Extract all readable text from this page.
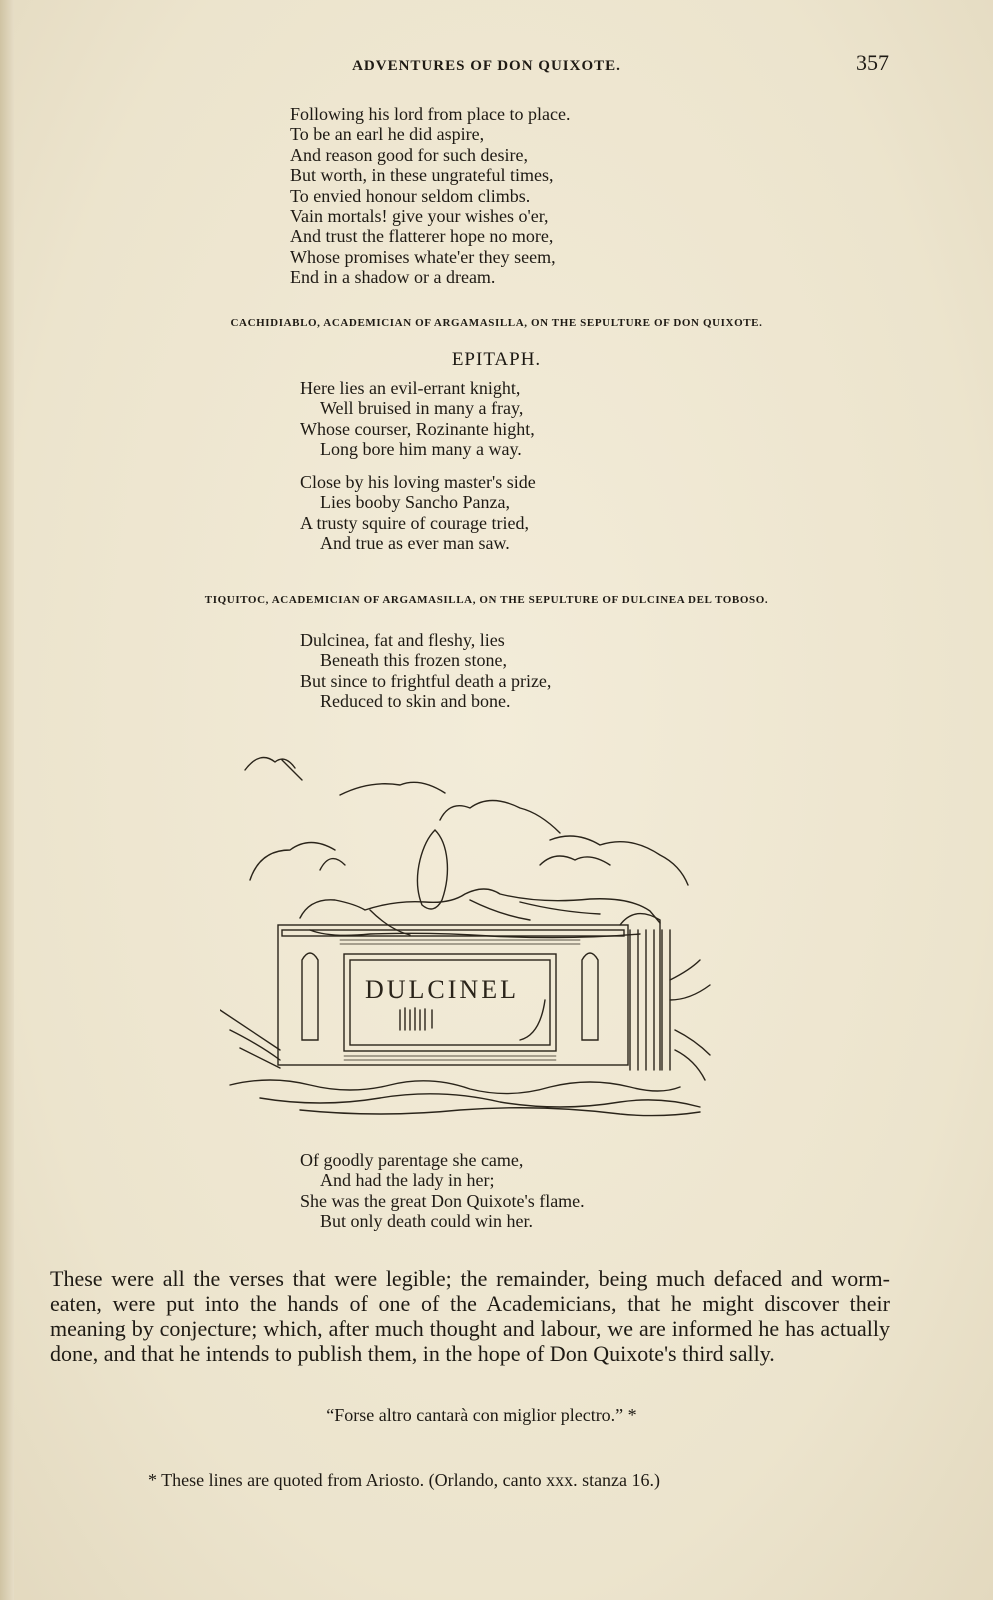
ADVENTURES OF DON QUIXOTE.	357
Following his lord from place to place.
To be an earl he did aspire,
And reason good for such desire,
But worth, in these ungrateful times,
To envied honour seldom climbs.
Vain mortals! give your wishes o'er,
And trust the flatterer hope no more,
Whose promises whate'er they seem,
End in a shadow or a dream.
CACHIDIABLO, ACADEMICIAN OF ARGAMASILLA, ON THE SEPULTURE OF DON QUIXOTE.
EPITAPH.
Here lies an evil-errant knight,
Well bruised in many a fray,
Whose courser, Rozinante hight,
Long bore him many a way.
Close by his loving master's side
Lies booby Sancho Panza,
A trusty squire of courage tried,
And true as ever man saw.
TIQUITOC, ACADEMICIAN OF ARGAMASILLA, ON THE SEPULTURE OF DULCINEA DEL TOBOSO.
Dulcinea, fat and fleshy, lies
Beneath this frozen stone,
But since to frightful death a prize,
Reduced to skin and bone.
DULCINEL
Of goodly parentage she came,
And had the lady in her;
She was the great Don Quixote's flame.
But only death could win her.
These were all the verses that were legible; the remainder, being much defaced and worm-eaten, were put into the hands of one of the Academicians, that he might discover their meaning by conjecture; which, after much thought and labour, we are informed he has actually done, and that he intends to publish them, in the hope of Don Quixote's third sally.
“Forse altro cantarà con miglior plectro.” *
* These lines are quoted from Ariosto. (Orlando, canto xxx. stanza 16.)
